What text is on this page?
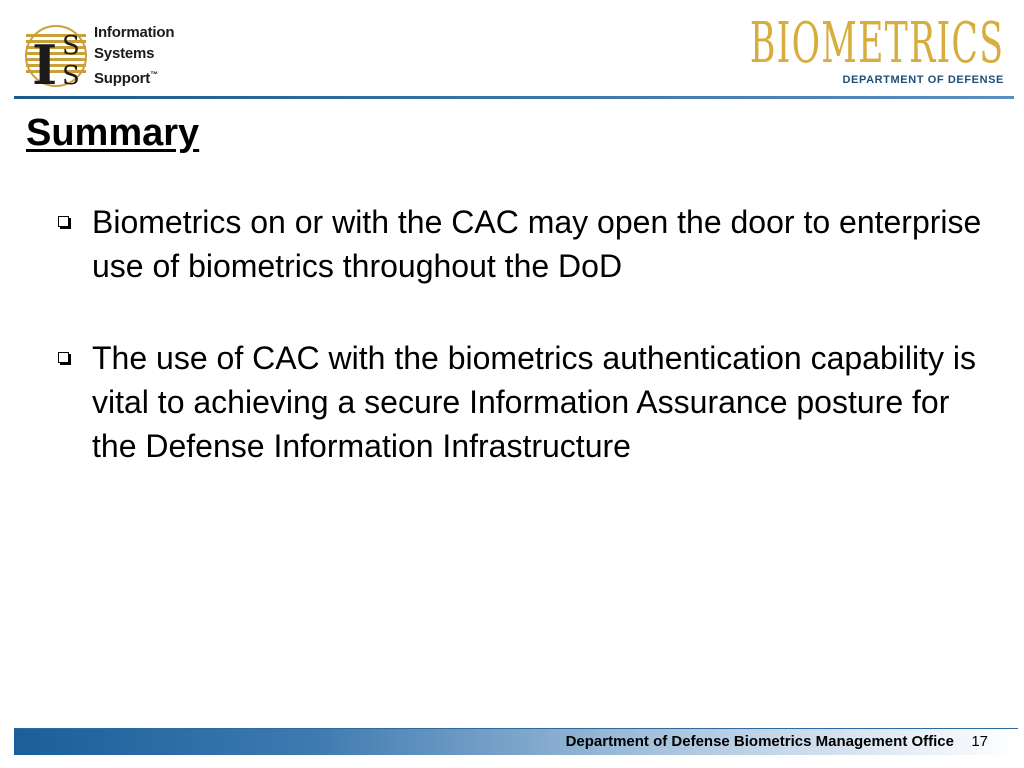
I S
S
Information
Systems
Support™	BIOMETRICS
DEPARTMENT OF DEFENSE
Summary
Biometrics on or with the CAC may open the door to enterprise use of biometrics throughout the DoD
The use of CAC with the biometrics authentication capability is vital to achieving a secure Information Assurance posture for the Defense Information Infrastructure
Department of Defense Biometrics Management Office 17
